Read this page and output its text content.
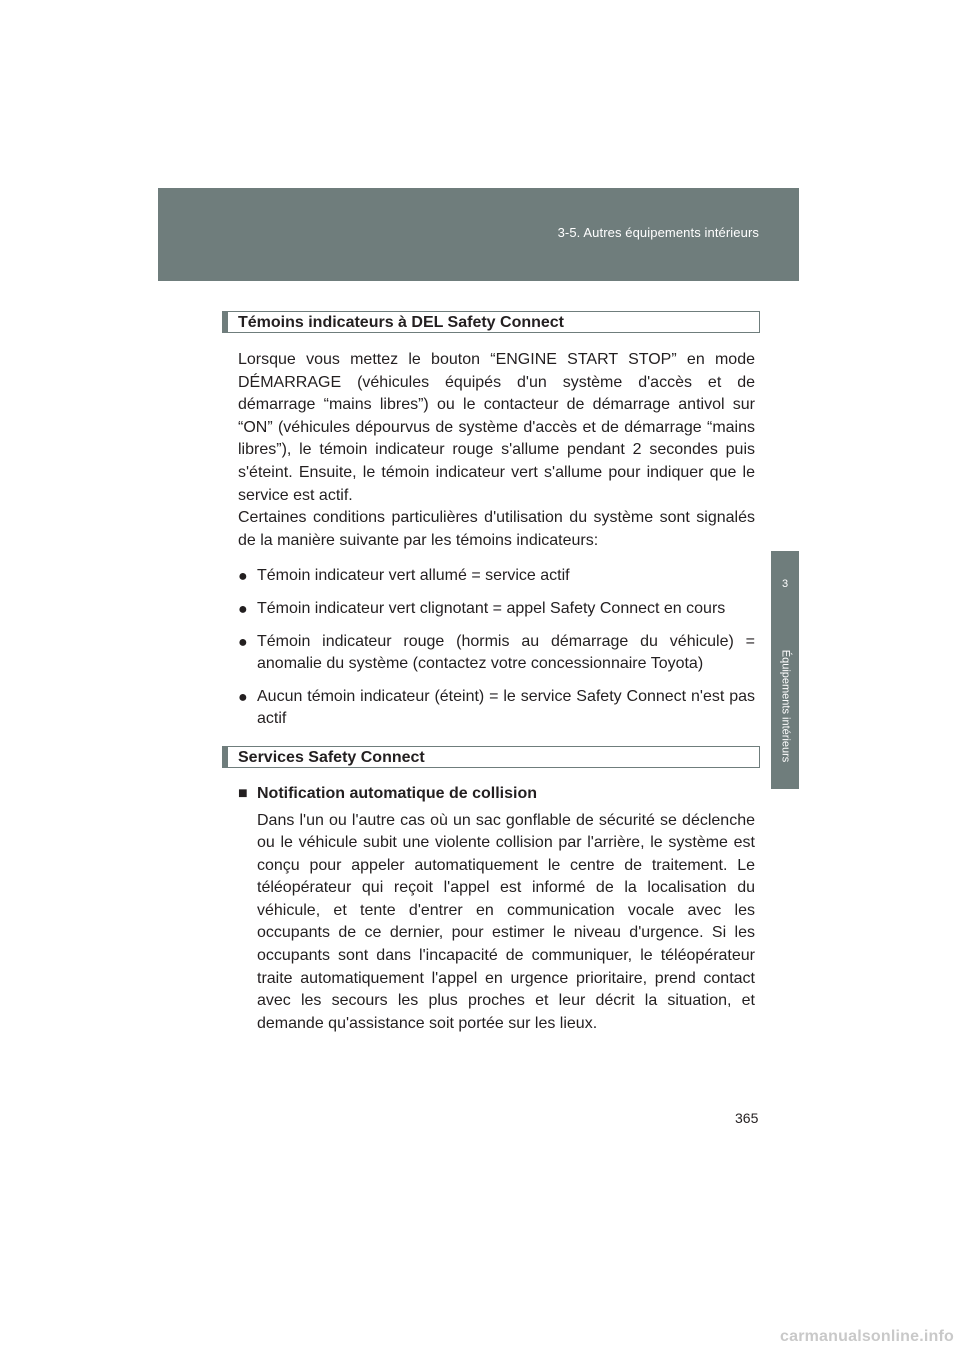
3-5. Autres équipements intérieurs
3
Équipements intérieurs
Témoins indicateurs à DEL Safety Connect
Lorsque vous mettez le bouton “ENGINE START STOP” en mode DÉMARRAGE (véhicules équipés d'un système d'accès et de démarrage “mains libres”) ou le contacteur de démarrage antivol sur “ON” (véhicules dépourvus de système d'accès et de démarrage “mains libres”), le témoin indicateur rouge s'allume pendant 2 secondes puis s'éteint. Ensuite, le témoin indicateur vert s'allume pour indiquer que le service est actif.
Certaines conditions particulières d'utilisation du système sont signalés de la manière suivante par les témoins indicateurs:
● Témoin indicateur vert allumé = service actif
● Témoin indicateur vert clignotant = appel Safety Connect en cours
● Témoin indicateur rouge (hormis au démarrage du véhicule) = anomalie du système (contactez votre concessionnaire Toyota)
● Aucun témoin indicateur (éteint) = le service Safety Connect n'est pas actif
Services Safety Connect
■ Notification automatique de collision
Dans l'un ou l'autre cas où un sac gonflable de sécurité se déclenche ou le véhicule subit une violente collision par l'arrière, le système est conçu pour appeler automatiquement le centre de traitement. Le téléopérateur qui reçoit l'appel est informé de la localisation du véhicule, et tente d'entrer en communication vocale avec les occupants de ce dernier, pour estimer le niveau d'urgence. Si les occupants sont dans l'incapacité de communiquer, le téléopérateur traite automatiquement l'appel en urgence prioritaire, prend contact avec les secours les plus proches et leur décrit la situation, et demande qu'assistance soit portée sur les lieux.
365
carmanualsonline.info
